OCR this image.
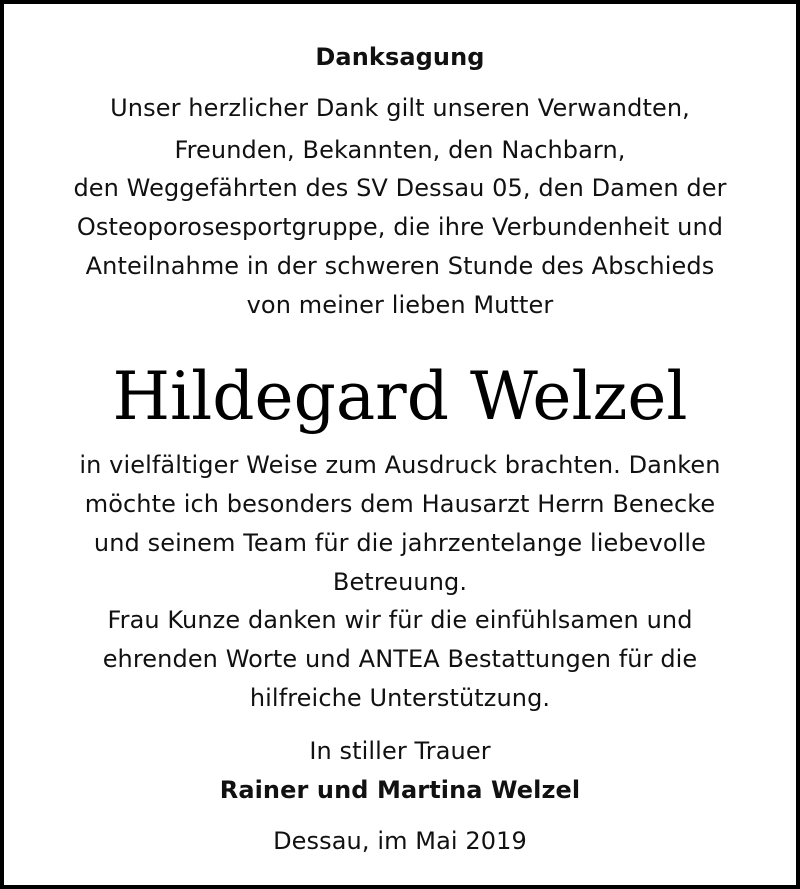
Danksagung
Unser herzlicher Dank gilt unseren Verwandten,
Freunden, Bekannten, den Nachbarn,
den Weggefährten des SV Dessau 05, den Damen der
Osteoporosesportgruppe, die ihre Verbundenheit und
Anteilnahme in der schweren Stunde des Abschieds
von meiner lieben Mutter
Hildegard Welzel
in vielfältiger Weise zum Ausdruck brachten. Danken
möchte ich besonders dem Hausarzt Herrn Benecke
und seinem Team für die jahrzentelange liebevolle
Betreuung.
Frau Kunze danken wir für die einfühlsamen und
ehrenden Worte und ANTEA Bestattungen für die
hilfreiche Unterstützung.
In stiller Trauer
Rainer und Martina Welzel
Dessau, im Mai 2019
